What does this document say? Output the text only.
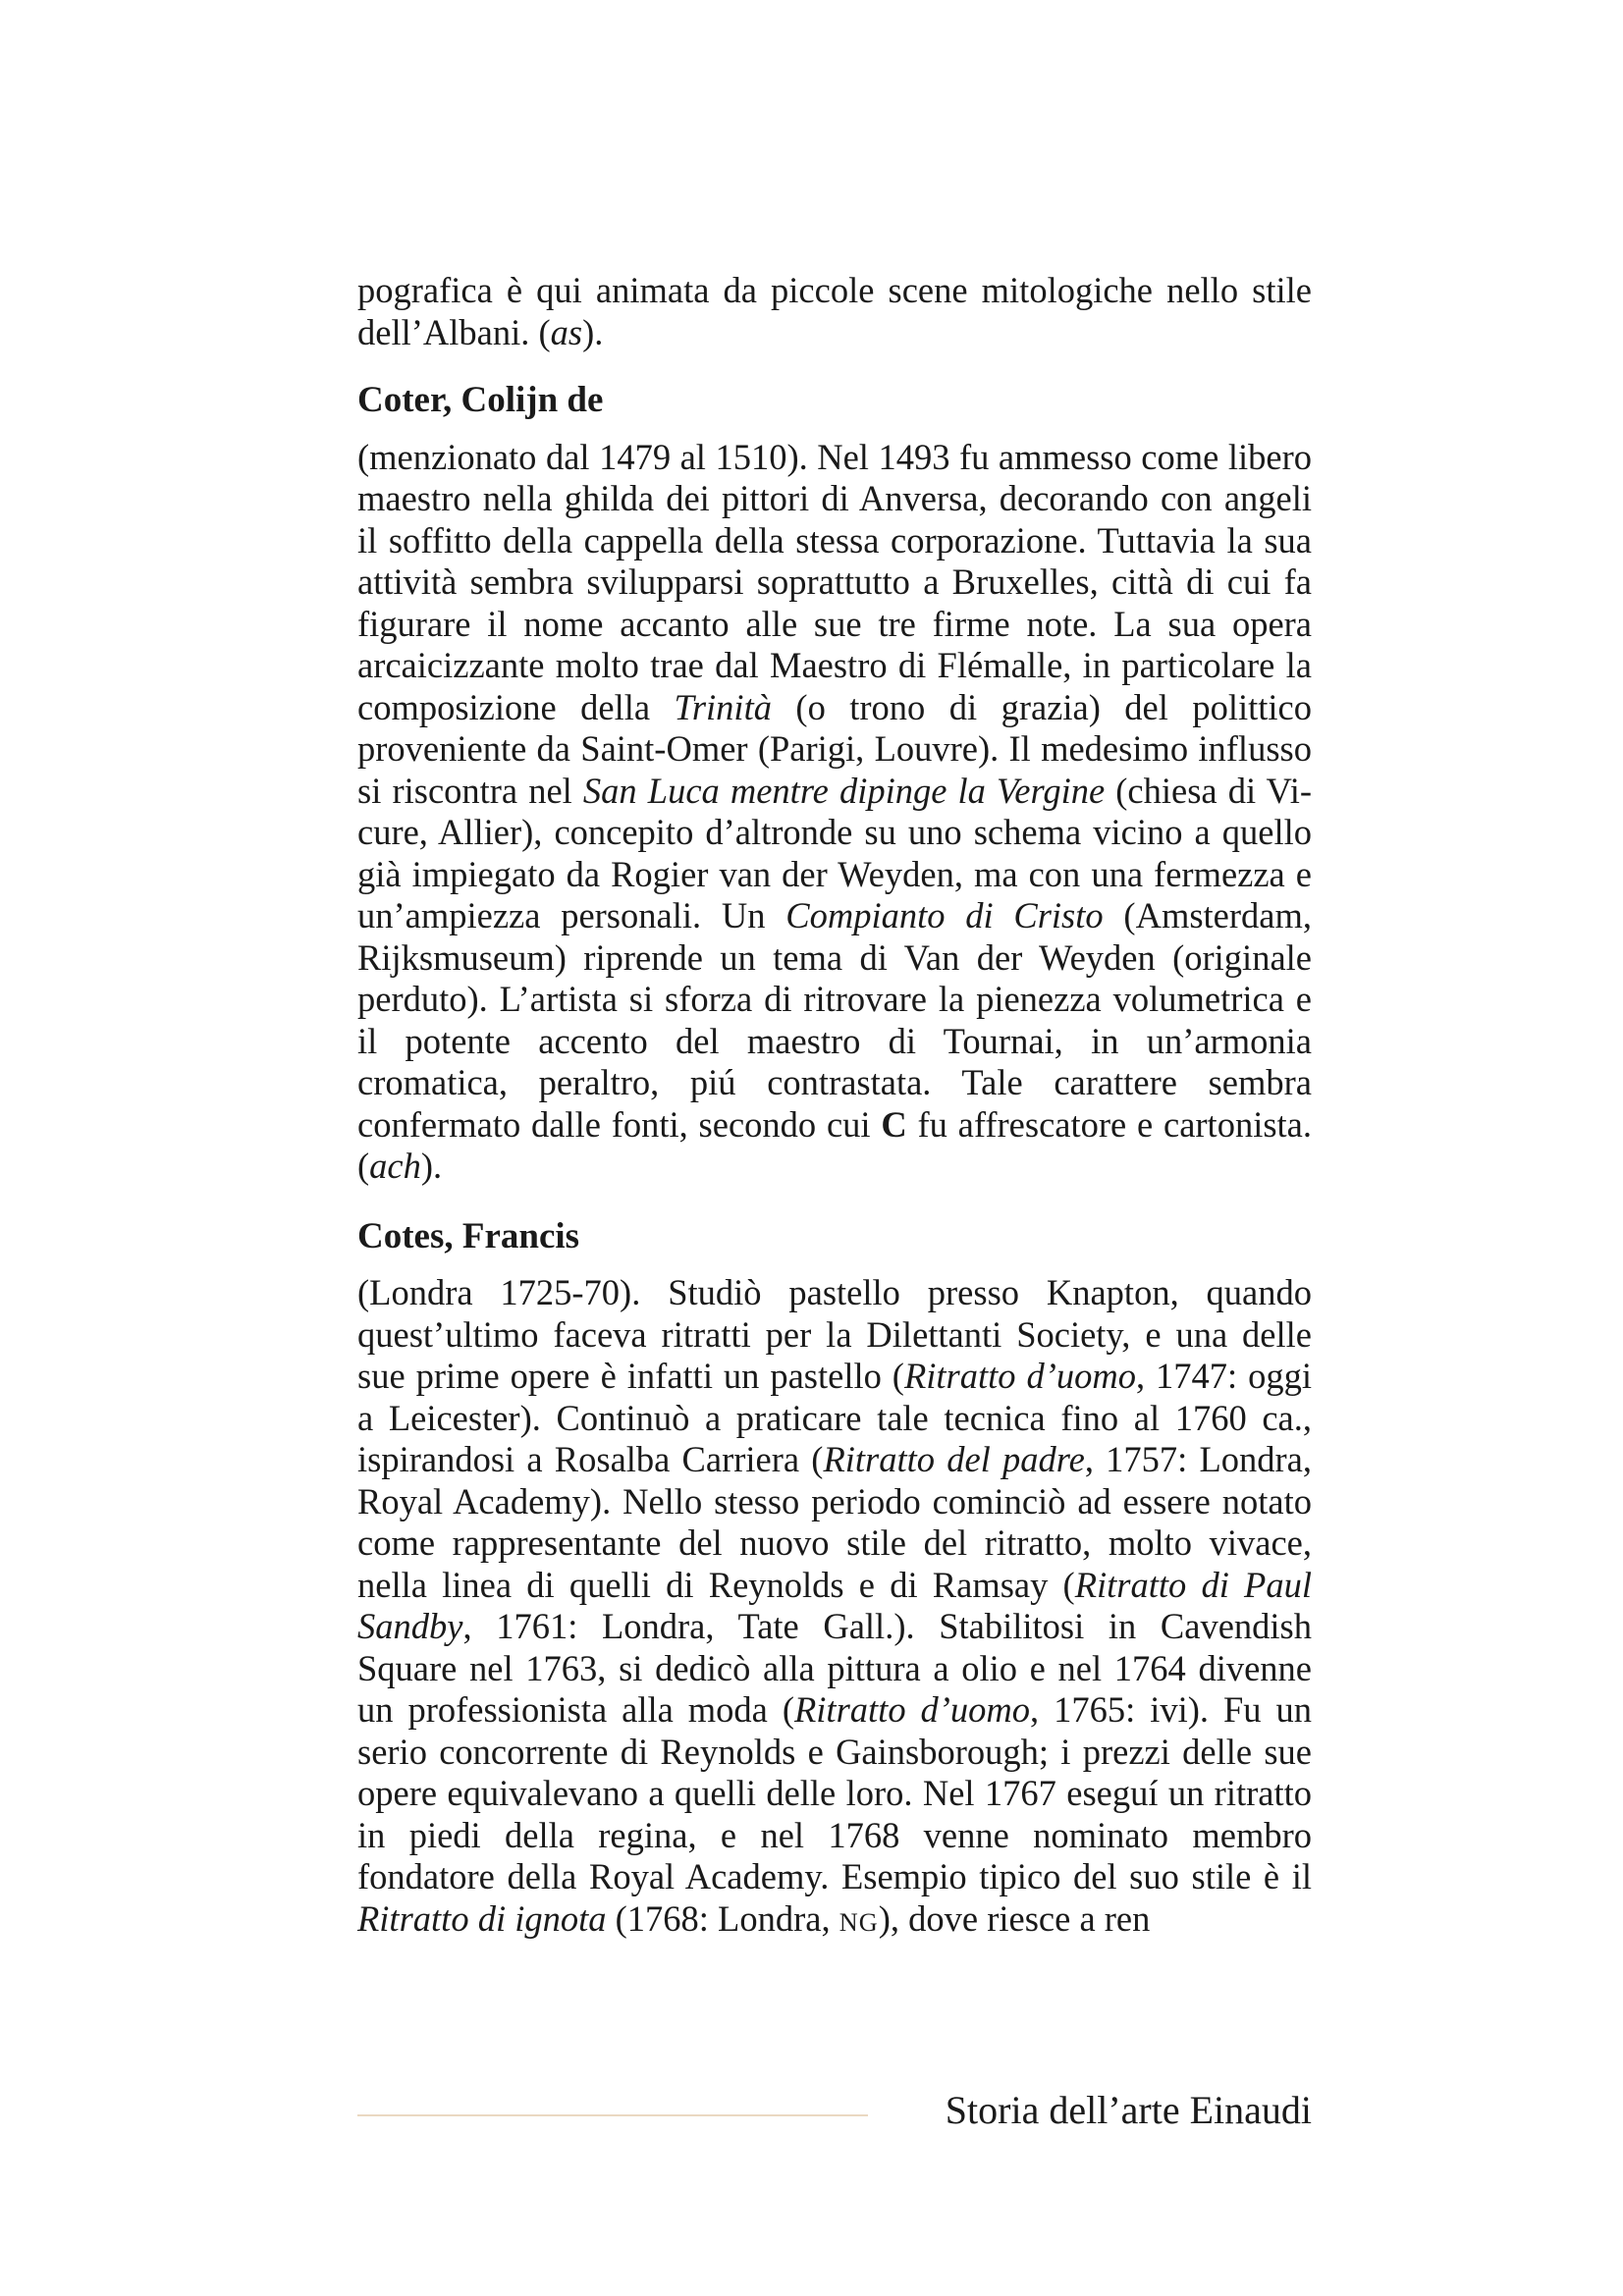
pografica è qui animata da piccole scene mitologiche nello stile dell’Albani. (as).

Coter, Colijn de

(menzionato dal 1479 al 1510). Nel 1493 fu ammesso come libero maestro nella ghilda dei pittori di Anversa, decorando con angeli il soffitto della cappella della stessa corporazione. Tuttavia la sua attività sembra svilupparsi soprattutto a Bruxelles, città di cui fa figurare il nome accanto alle sue tre firme note. La sua opera arcaicizzante molto trae dal Maestro di Flémalle, in particolare la composizione della Trinità (o trono di grazia) del polittico proveniente da Saint-Omer (Parigi, Louvre). Il medesimo influsso si riscontra nel San Luca mentre dipinge la Vergine (chiesa di Vicure, Allier), concepito d’altronde su uno schema vicino a quello già impiegato da Rogier van der Weyden, ma con una fermezza e un’ampiezza personali. Un Compianto di Cristo (Amsterdam, Rijksmuseum) riprende un tema di Van der Weyden (originale perduto). L’artista si sforza di ritrovare la pienezza volumetrica e il potente accento del maestro di Tournai, in un’armonia cromatica, peraltro, piú contrastata. Tale carattere sembra confermato dalle fonti, secondo cui C fu affrescatore e cartonista. (ach).

Cotes, Francis

(Londra 1725-70). Studiò pastello presso Knapton, quando quest’ultimo faceva ritratti per la Dilettanti Society, e una delle sue prime opere è infatti un pastello (Ritratto d’uomo, 1747: oggi a Leicester). Continuò a praticare tale tecnica fino al 1760 ca., ispirandosi a Rosalba Carriera (Ritratto del padre, 1757: Londra, Royal Academy). Nello stesso periodo cominciò ad essere notato come rappresentante del nuovo stile del ritratto, molto vivace, nella linea di quelli di Reynolds e di Ramsay (Ritratto di Paul Sandby, 1761: Londra, Tate Gall.). Stabilitosi in Cavendish Square nel 1763, si dedicò alla pittura a olio e nel 1764 divenne un professionista alla moda (Ritratto d’uomo, 1765: ivi). Fu un serio concorrente di Reynolds e Gainsborough; i prezzi delle sue opere equivalevano a quelli delle loro. Nel 1767 eseguí un ritratto in piedi della regina, e nel 1768 venne nominato membro fondatore della Royal Academy. Esempio tipico del suo stile è il Ritratto di ignota (1768: Londra, NG), dove riesce a ren

Storia dell’arte Einaudi
